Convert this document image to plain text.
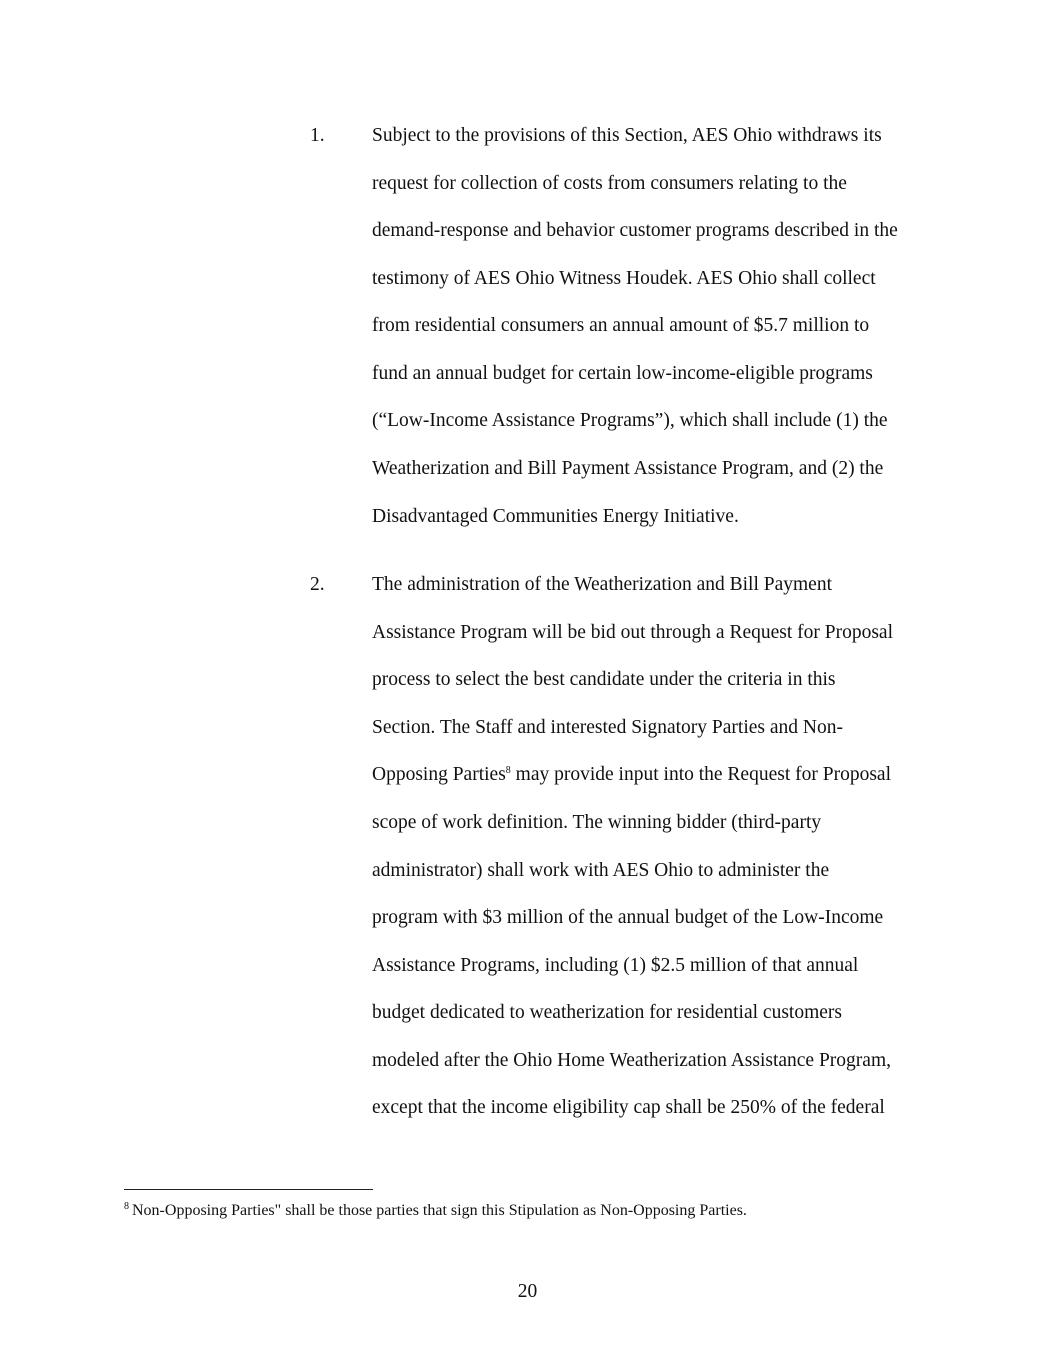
1. Subject to the provisions of this Section, AES Ohio withdraws its

request for collection of costs from consumers relating to the

demand-response and behavior customer programs described in the

testimony of AES Ohio Witness Houdek. AES Ohio shall collect

from residential consumers an annual amount of $5.7 million to

fund an annual budget for certain low-income-eligible programs

(“Low-Income Assistance Programs”), which shall include (1) the

Weatherization and Bill Payment Assistance Program, and (2) the

Disadvantaged Communities Energy Initiative.

2. The administration of the Weatherization and Bill Payment

Assistance Program will be bid out through a Request for Proposal

process to select the best candidate under the criteria in this

Section. The Staff and interested Signatory Parties and Non-

Opposing Parties$^8$ may provide input into the Request for Proposal

scope of work definition. The winning bidder (third-party

administrator) shall work with AES Ohio to administer the

program with $3 million of the annual budget of the Low-Income

Assistance Programs, including (1) $2.5 million of that annual

budget dedicated to weatherization for residential customers

modeled after the Ohio Home Weatherization Assistance Program,

except that the income eligibility cap shall be 250% of the federal

$^8$ Non-Opposing Parties" shall be those parties that sign this Stipulation as Non-Opposing Parties.
20
